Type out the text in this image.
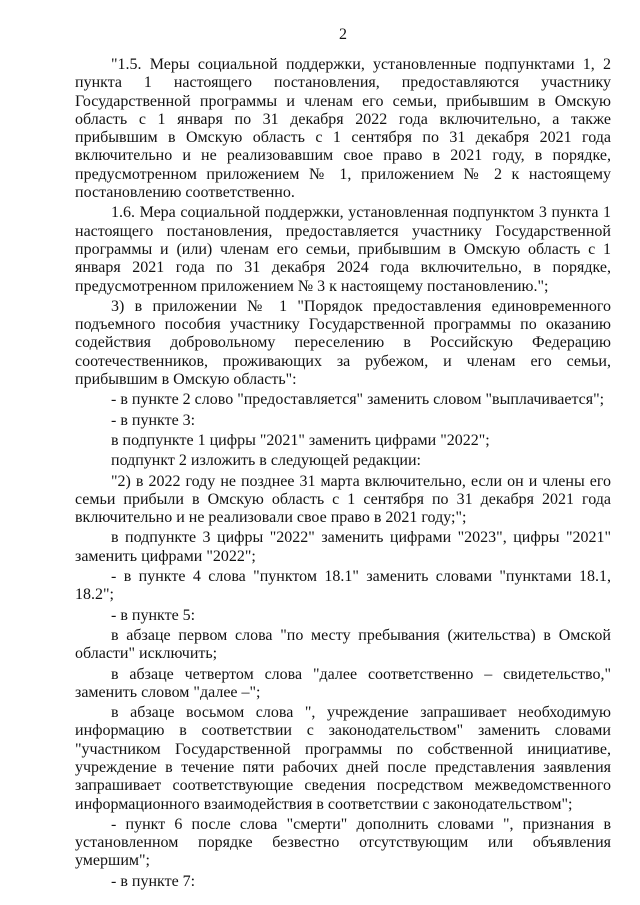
2

"1.5. Меры социальной поддержки, установленные подпунктами 1, 2 пункта 1 настоящего постановления, предоставляются участнику Государственной программы и членам его семьи, прибывшим в Омскую область с 1 января по 31 декабря 2022 года включительно, а также прибывшим в Омскую область с 1 сентября по 31 декабря 2021 года включительно и не реализовавшим свое право в 2021 году, в порядке, предусмотренном приложением № 1, приложением № 2 к настоящему постановлению соответственно.

1.6. Мера социальной поддержки, установленная подпунктом 3 пункта 1 настоящего постановления, предоставляется участнику Государственной программы и (или) членам его семьи, прибывшим в Омскую область с 1 января 2021 года по 31 декабря 2024 года включительно, в порядке, предусмотренном приложением № 3 к настоящему постановлению.";

3) в приложении № 1 "Порядок предоставления единовременного подъемного пособия участнику Государственной программы по оказанию содействия добровольному переселению в Российскую Федерацию соотечественников, проживающих за рубежом, и членам его семьи, прибывшим в Омскую область":

- в пункте 2 слово "предоставляется" заменить словом "выплачивается";

- в пункте 3:

в подпункте 1 цифры "2021" заменить цифрами "2022";

подпункт 2 изложить в следующей редакции:

"2) в 2022 году не позднее 31 марта включительно, если он и члены его семьи прибыли в Омскую область с 1 сентября по 31 декабря 2021 года включительно и не реализовали свое право в 2021 году;";

в подпункте 3 цифры "2022" заменить цифрами "2023", цифры "2021" заменить цифрами "2022";

- в пункте 4 слова "пунктом 18.1" заменить словами "пунктами 18.1, 18.2";

- в пункте 5:

в абзаце первом слова "по месту пребывания (жительства) в Омской области" исключить;

в абзаце четвертом слова "далее соответственно – свидетельство," заменить словом "далее –";

в абзаце восьмом слова ", учреждение запрашивает необходимую информацию в соответствии с законодательством" заменить словами "участником Государственной программы по собственной инициативе, учреждение в течение пяти рабочих дней после представления заявления запрашивает соответствующие сведения посредством межведомственного информационного взаимодействия в соответствии с законодательством";

- пункт 6 после слова "смерти" дополнить словами ", признания в установленном порядке безвестно отсутствующим или объявления умершим";

- в пункте 7:
